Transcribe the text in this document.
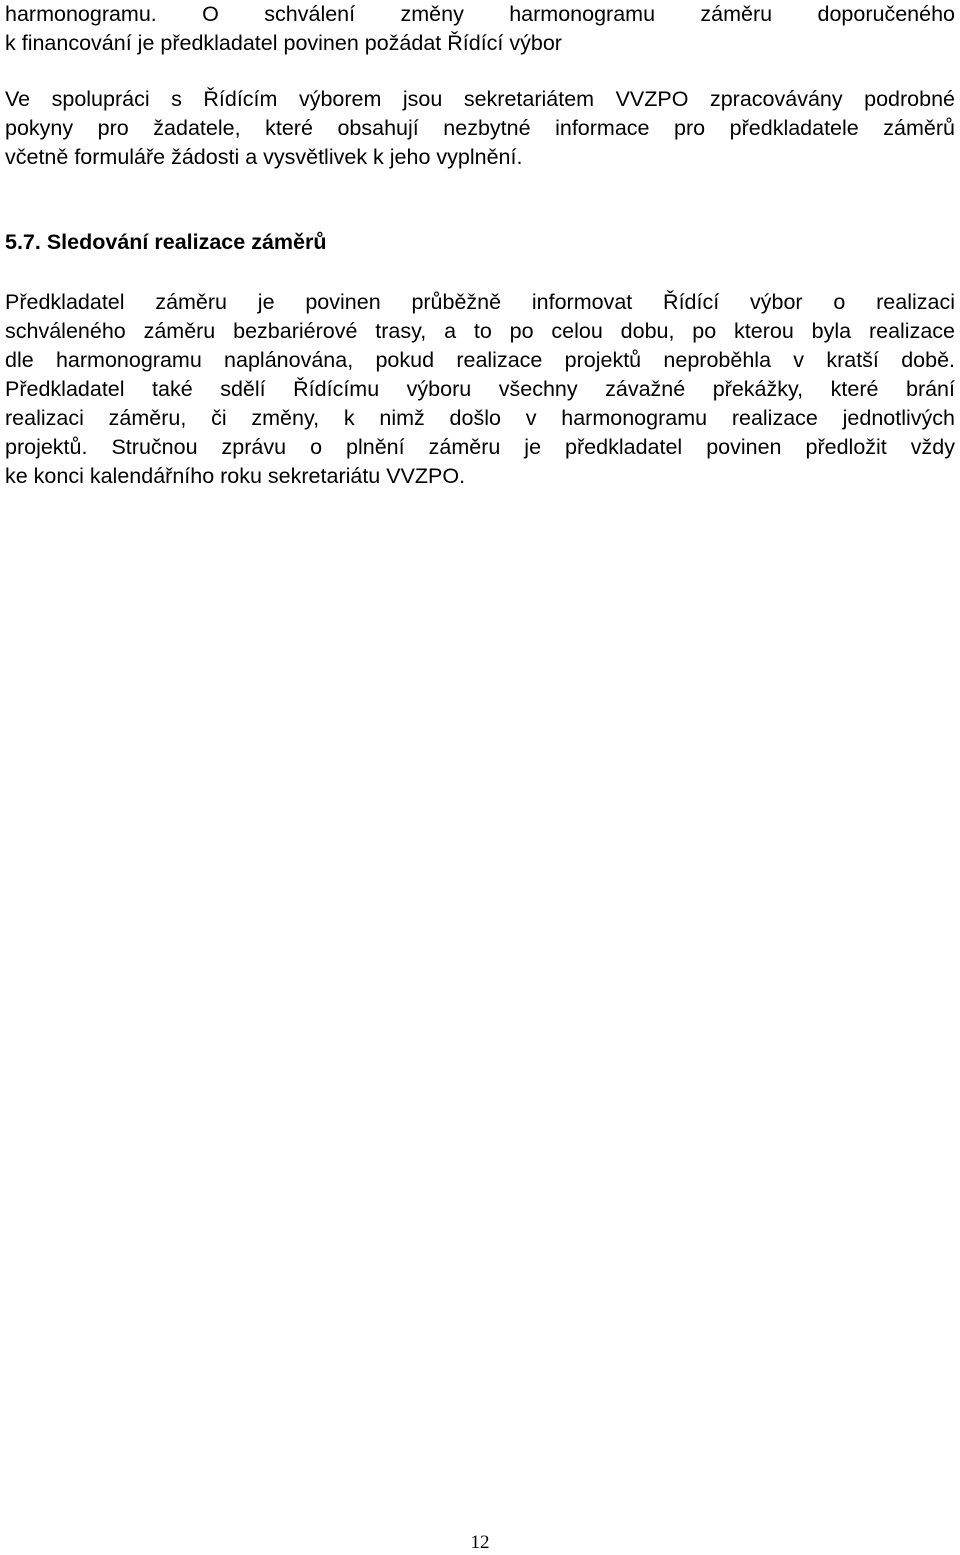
harmonogramu. O schválení změny harmonogramu záměru doporučeného
k financování je předkladatel povinen požádat Řídící výbor
Ve spolupráci s Řídícím výborem jsou sekretariátem VVZPO zpracovávány podrobné
pokyny pro žadatele, které obsahují nezbytné informace pro předkladatele záměrů
včetně formuláře žádosti a vysvětlivek k jeho vyplnění.
5.7. Sledování realizace záměrů
Předkladatel záměru je povinen průběžně informovat Řídící výbor o realizaci
schváleného záměru bezbariérové trasy, a to po celou dobu, po kterou byla realizace
dle harmonogramu naplánována, pokud realizace projektů neproběhla v kratší době.
Předkladatel také sdělí Řídícímu výboru všechny závažné překážky, které brání
realizaci záměru, či změny, k nimž došlo v harmonogramu realizace jednotlivých
projektů. Stručnou zprávu o plnění záměru je předkladatel povinen předložit vždy
ke konci kalendářního roku sekretariátu VVZPO.
12
